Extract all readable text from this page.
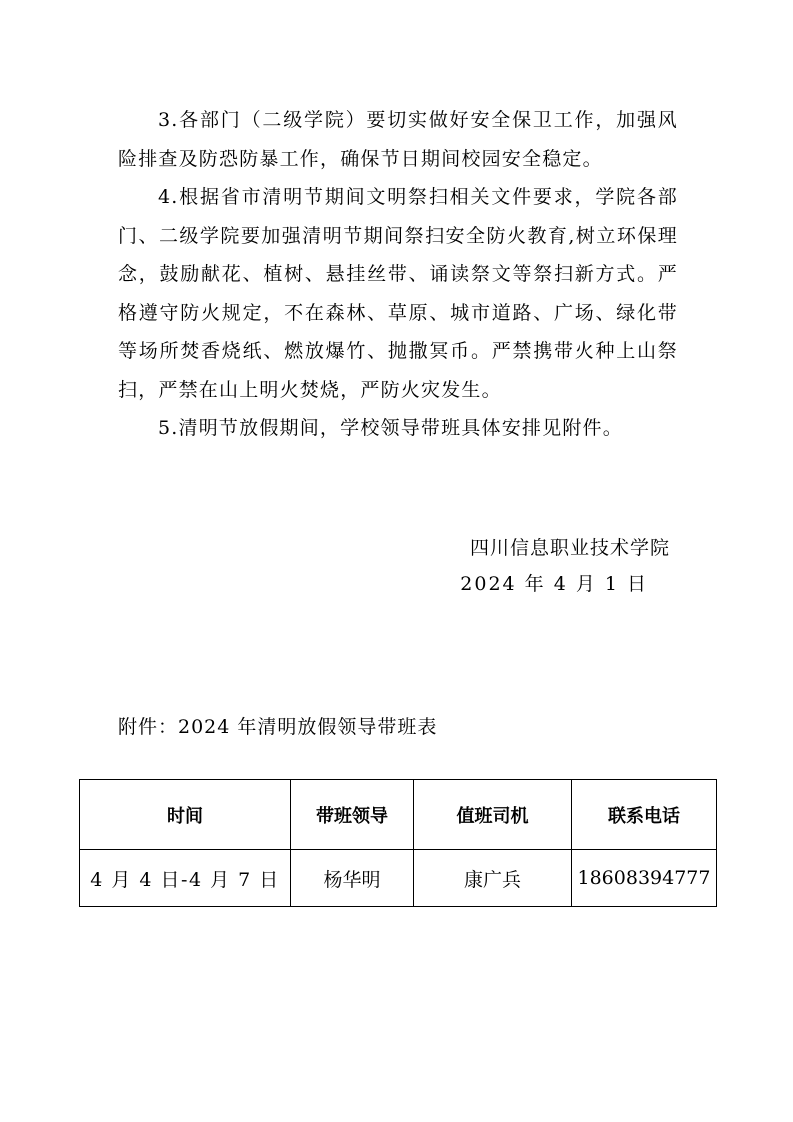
3.各部门（二级学院）要切实做好安全保卫工作，加强风险排查及防恐防暴工作，确保节日期间校园安全稳定。

4.根据省市清明节期间文明祭扫相关文件要求，学院各部门、二级学院要加强清明节期间祭扫安全防火教育,树立环保理念，鼓励献花、植树、悬挂丝带、诵读祭文等祭扫新方式。严格遵守防火规定，不在森林、草原、城市道路、广场、绿化带等场所焚香烧纸、燃放爆竹、抛撒冥币。严禁携带火种上山祭扫，严禁在山上明火焚烧，严防火灾发生。

5.清明节放假期间，学校领导带班具体安排见附件。

四川信息职业技术学院
2024 年 4 月 1 日
附件：2024 年清明放假领导带班表
时间	带班领导	值班司机	联系电话
4 月 4 日-4 月 7 日	杨华明	康广兵	18608394777
